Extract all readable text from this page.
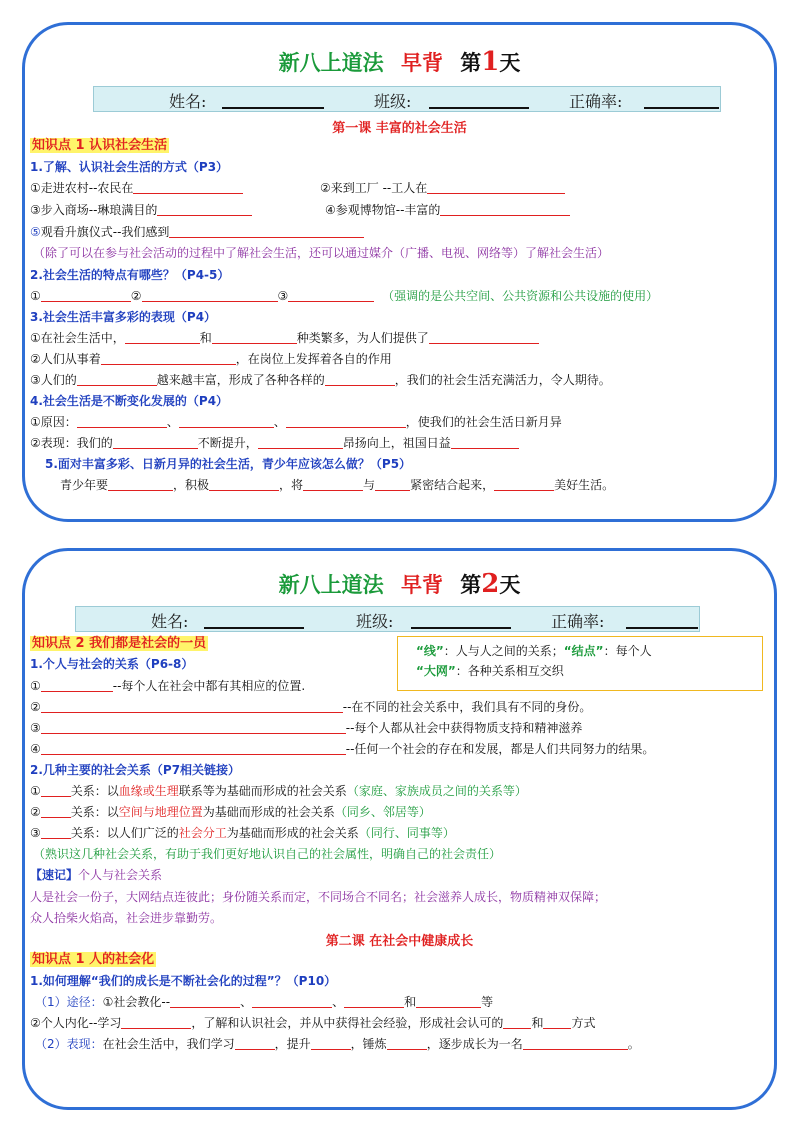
新八上道法 早背 第1天
姓名:	班级:	正确率:
第一课 丰富的社会生活
知识点 1 认识社会生活
1.了解、认识社会生活的方式（P3）
①走进农村--农民在	②来到工厂 --工人在
③步入商场--琳琅满目的	④参观博物馆--丰富的
⑤观看升旗仪式--我们感到
（除了可以在参与社会活动的过程中了解社会生活，还可以通过媒介（广播、电视、网络等）了解社会生活）
2.社会生活的特点有哪些？（P4-5）
①	②	③	（强调的是公共空间、公共资源和公共设施的使用）
3.社会生活丰富多彩的表现（P4）
①在社会生活中，	和	种类繁多，为人们提供了
②人们从事着	，在岗位上发挥着各自的作用
③人们的	越来越丰富，形成了各种各样的	，我们的社会生活充满活力，令人期待。
4.社会生活是不断变化发展的（P4）
①原因：	、	、	，使我们的社会生活日新月异
②表现：我们的	不断提升，	昂扬向上，祖国日益
5.面对丰富多彩、日新月异的社会生活，青少年应该怎么做？（P5）
青少年要	，积极	，将	与	紧密结合起来，	美好生活。
新八上道法 早背 第2天
姓名:	班级:	正确率:
知识点 2 我们都是社会的一员	“线”：人与人之间的关系；“结点”：每个人
“大网”：各种关系相互交织
1.个人与社会的关系（P6-8）
①	--每个人在社会中都有其相应的位置.
②	--在不同的社会关系中，我们具有不同的身份。
③	--每个人都从社会中获得物质支持和精神滋养
④	--任何一个社会的存在和发展，都是人们共同努力的结果。
2.几种主要的社会关系（P7相关链接）
①	关系：以血缘或生理联系等为基础而形成的社会关系（家庭、家族成员之间的关系等）
②	关系：以空间与地理位置为基础而形成的社会关系（同乡、邻居等）
③	关系：以人们广泛的社会分工为基础而形成的社会关系（同行、同事等）
（熟识这几种社会关系，有助于我们更好地认识自己的社会属性，明确自己的社会责任）
【速记】个人与社会关系
人是社会一份子，大网结点连彼此；身份随关系而定，不同场合不同名；社会滋养人成长，物质精神双保障；
众人拾柴火焰高，社会进步靠勤劳。
第二课 在社会中健康成长
知识点 1 人的社会化
1.如何理解“我们的成长是不断社会化的过程”？（P10）
（1）途径：①社会教化--	、	、	和	等
②个人内化--学习	，了解和认识社会，并从中获得社会经验，形成社会认可的 和 方式
（2）表现：在社会生活中，我们学习	，提升	，锤炼	，逐步成长为一名	。
